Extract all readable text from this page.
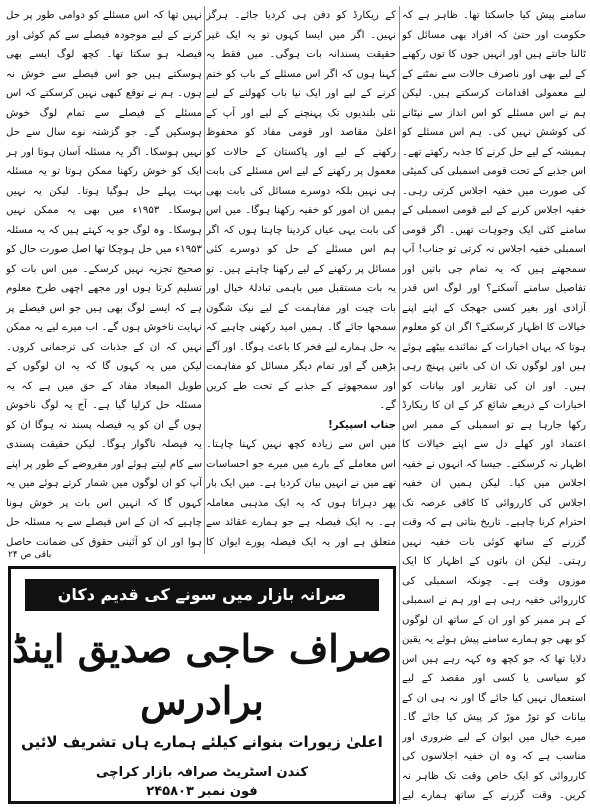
سامنے پیش کیا جاسکتا تھا۔ ظاہر ہے کہ حکومت اور حتیٰ کہ افراد بھی مسائل کو ٹالنا جانتے ہیں اور انہیں جوں کا توں رکھنے کے لیے بھی اور ناصرف حالات سے نمٹنے کے لیے معمولی اقدامات کرسکتے ہیں۔ لیکن ہم نے اس مسئلے کو اس انداز سے نپٹانے کی کوشش نہیں کی۔ ہم اس مسئلے کو ہمیشہ کے لیے حل کرنے کا جذبہ رکھتے تھے۔ اس جذبے کے تحت قومی اسمبلی کی کمیٹی کی صورت میں خفیہ اجلاس کرتی رہی۔ خفیہ اجلاس کرنے کے لیے قومی اسمبلی کے سامنے کئی ایک وجوہات تھیں۔ اگر قومی اسمبلی خفیہ اجلاس نہ کرتی تو جناب! آپ سمجھتے ہیں کہ یہ تمام جی باتیں اور تفاصیل سامنے آسکتے؟ اور لوگ اس قدر آزادی اور بغیر کسی جھجک کے اپنے اپنے خیالات کا اظہار کرسکتے؟ اگر ان کو معلوم ہوتا کہ یہاں اخبارات کے نمائندے بیٹھے ہوئے ہیں اور لوگوں تک ان کی باتیں پہنچ رہی ہیں۔ اور ان کی تقاریر اور بیانات کو اخبارات کے ذریعے شائع کر کے ان کا ریکارڈ رکھا جارہا ہے تو اسمبلی کے ممبر اس اعتماد اور کھلے دل سے اپنے خیالات کا اظہار نہ کرسکتے۔ جیسا کہ انہوں نے خفیہ اجلاس میں کیا۔ لیکن ہمیں ان خفیہ اجلاس کی کارروائی کا کافی عرصہ تک احترام کرنا چاہیے۔ تاریخ بتاتی ہے کہ وقت گزرنے کے ساتھ کوئی بات خفیہ نہیں رہتی۔ لیکن ان باتوں کے اظہار کا ایک موزوں وقت ہے۔ چونکہ اسمبلی کی کارروائی خفیہ رہی ہے اور ہم نے اسمبلی کے ہر ممبر کو اور ان کے ساتھ ان لوگوں کو بھی جو ہمارے سامنے پیش ہوئے یہ یقین دلایا تھا کہ جو کچھ وہ کہہ رہے ہیں اس کو سیاسی یا کسی اور مقصد کے لیے استعمال نہیں کیا جائے گا اور نہ ہی ان کے بیانات کو توڑ موڑ کر پیش کیا جائے گا۔ میرے خیال میں ایوان کے لیے ضروری اور مناسب ہے کہ وہ ان خفیہ اجلاسوں کی کارروائی کو ایک خاص وقت تک ظاہر نہ کریں۔ وقت گزرنے کے ساتھ ہمارے لیے

کے ریکارڈ کو دفن ہی کردیا جائے۔ ہرگز نہیں۔ اگر میں ایسا کہوں تو یہ ایک غیر حقیقت پسندانہ بات ہوگی۔ میں فقط یہ کہنا ہوں کہ اگر اس مسئلے کے باب کو ختم کرنے کے لیے اور ایک نیا باب کھولنے کے لیے نئی بلندیوں تک پہنچنے کے لیے اور آپ کے اعلیٰ مقاصد اور قومی مفاد کو محفوظ رکھنے کے لیے اور پاکستان کے حالات کو معمول پر رکھنے کے لیے اس مسئلے کی بابت ہی نہیں بلکہ دوسرے مسائل کی بابت بھی ہمیں ان امور کو خفیہ رکھنا ہوگا۔ میں اس کی بابت یہی عیاں کردینا چاہتا ہوں کہ اگر ہم اس مسئلے کے حل کو دوسرے کئی مسائل پر رکھنے کے لیے رکھنا چاہتے ہیں۔ تو یہ بات مستقبل میں باہمی تبادلۂ خیال اور بات چیت اور مفاہمت کے لیے نیک شگون سمجھا جائے گا۔ ہمیں امید رکھنی چاہیے کہ یہ حل ہمارے لیے فخر کا باعث ہوگا۔ اور آگے بڑھیں گے اور تمام دیگر مسائل کو مفاہمت اور سمجھوتے کے جذبے کے تحت طے کریں گے۔

جناب اسپیکر!

میں اس سے زیادہ کچھ نہیں کہنا چاہتا۔ اس معاملے کے بارے میں میرے جو احساسات تھے میں نے انہیں بیان کردیا ہے۔ میں ایک بار پھر دہراتا ہوں کہ یہ ایک مذہبی معاملہ ہے۔ یہ ایک فیصلہ ہے جو ہمارے عقائد سے متعلق ہے اور یہ ایک فیصلہ پورے ایوان کا

نہیں تھا کہ اس مسئلے کو دوامی طور پر حل کرنے کے لیے موجودہ فیصلے سے کم کوئی اور فیصلہ ہو سکتا تھا۔ کچھ لوگ ایسے بھی ہوسکتے ہیں جو اس فیصلے سے خوش نہ ہوں۔ ہم نے توقع کبھی نہیں کرسکتے کہ اس مسئلے کے فیصلے سے تمام لوگ خوش ہوسکیں گے۔ جو گزشتہ نوے سال سے حل نہیں ہوسکا۔ اگر یہ مسئلہ آسان ہوتا اور ہر ایک کو خوش رکھنا ممکن ہوتا تو یہ مسئلہ بہت پہلے حل ہوگیا ہوتا۔ لیکن یہ نہیں ہوسکا۔ ۱۹۵۳ء میں بھی یہ ممکن نہیں ہوسکا۔ وہ لوگ جو یہ کہتے ہیں کہ یہ مسئلہ ۱۹۵۳ء میں حل ہوچکا تھا اصل صورت حال کو صحیح تجزیہ نہیں کرسکے۔ میں اس بات کو تسلیم کرتا ہوں اور مجھے اچھی طرح معلوم ہے کہ ایسے لوگ بھی ہیں جو اس فیصلے پر نہایت ناخوش ہوں گے۔ اب میرے لیے یہ ممکن نہیں کہ ان کے جذبات کی ترجمانی کروں۔ لیکن میں یہ کہوں گا کہ یہ ان لوگوں کے طویل المیعاد مفاد کے حق میں ہے کہ یہ مسئلہ حل کرلیا گیا ہے۔ آج یہ لوگ ناخوش ہوں گے ان کو یہ فیصلہ پسند نہ ہوگا ان کو یہ فیصلہ ناگوار ہوگا۔ لیکن حقیقت پسندی سے کام لیتے ہوئے اور مفروضے کے طور پر اپنے آپ کو ان لوگوں میں شمار کرتے ہوئے میں یہ کہوں گا کہ انہیں اس بات پر خوش ہونا چاہیے کہ ان کے اس فیصلے سے یہ مسئلہ حل ہوا اور ان کو آئینی حقوق کی ضمانت حاصل

باقی ص ۲۴
صرانہ بازار میں سونے کی قدیم دکان
صراف حاجی صدیق اینڈ برادرس
اعلیٰ زیورات بنوانے کیلئے ہمارے ہاں تشریف لائیں
کندن اسٹریٹ صرافہ بازار کراچی
فون نمبر ۲۴۵۸۰۳
